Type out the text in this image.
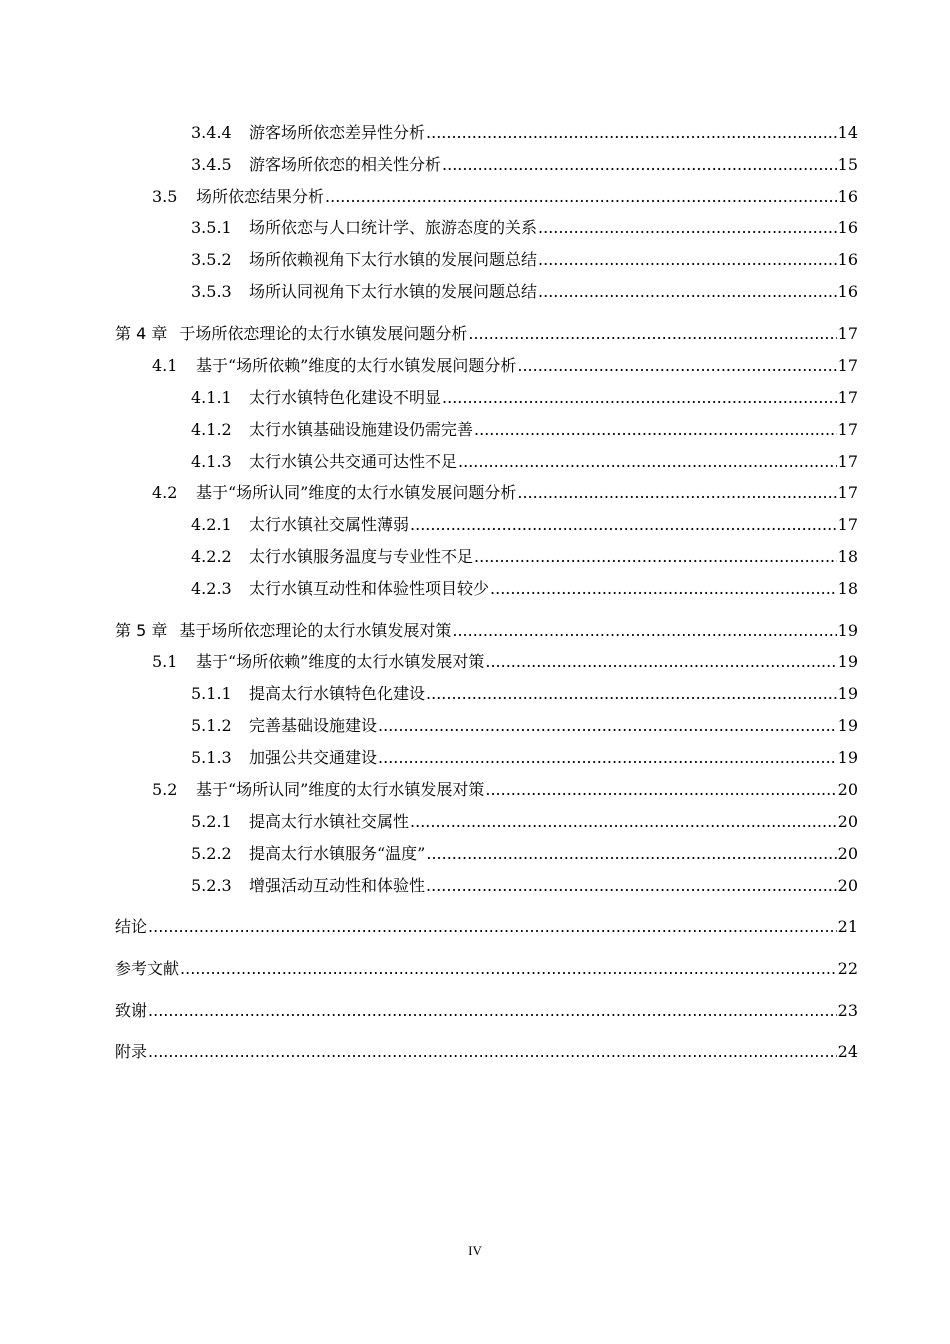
3.4.4	游客场所依恋差异性分析 .....	14
3.4.5	游客场所依恋的相关性分析 .....	15
3.5	场所依恋结果分析 .....	16
3.5.1	场所依恋与人口统计学、旅游态度的关系 .....	16
3.5.2	场所依赖视角下太行水镇的发展问题总结 .....	16
3.5.3	场所认同视角下太行水镇的发展问题总结 .....	16
第 4 章 于场所依恋理论的太行水镇发展问题分析 .....	17
4.1	基于“场所依赖”维度的太行水镇发展问题分析 .....	17
4.1.1	太行水镇特色化建设不明显 .....	17
4.1.2	太行水镇基础设施建设仍需完善 .....	17
4.1.3	太行水镇公共交通可达性不足 .....	17
4.2	基于“场所认同”维度的太行水镇发展问题分析 .....	17
4.2.1	太行水镇社交属性薄弱 .....	17
4.2.2	太行水镇服务温度与专业性不足 .....	18
4.2.3	太行水镇互动性和体验性项目较少 .....	18
第 5 章 基于场所依恋理论的太行水镇发展对策 .....	19
5.1	基于“场所依赖”维度的太行水镇发展对策 .....	19
5.1.1	提高太行水镇特色化建设 .....	19
5.1.2	完善基础设施建设 .....	19
5.1.3	加强公共交通建设 .....	19
5.2	基于“场所认同”维度的太行水镇发展对策 .....	20
5.2.1	提高太行水镇社交属性 .....	20
5.2.2	提高太行水镇服务“温度” .....	20
5.2.3	增强活动互动性和体验性 .....	20
结论 .....	21
参考文献 .....	22
致谢 .....	23
附录 .....	24
IV
